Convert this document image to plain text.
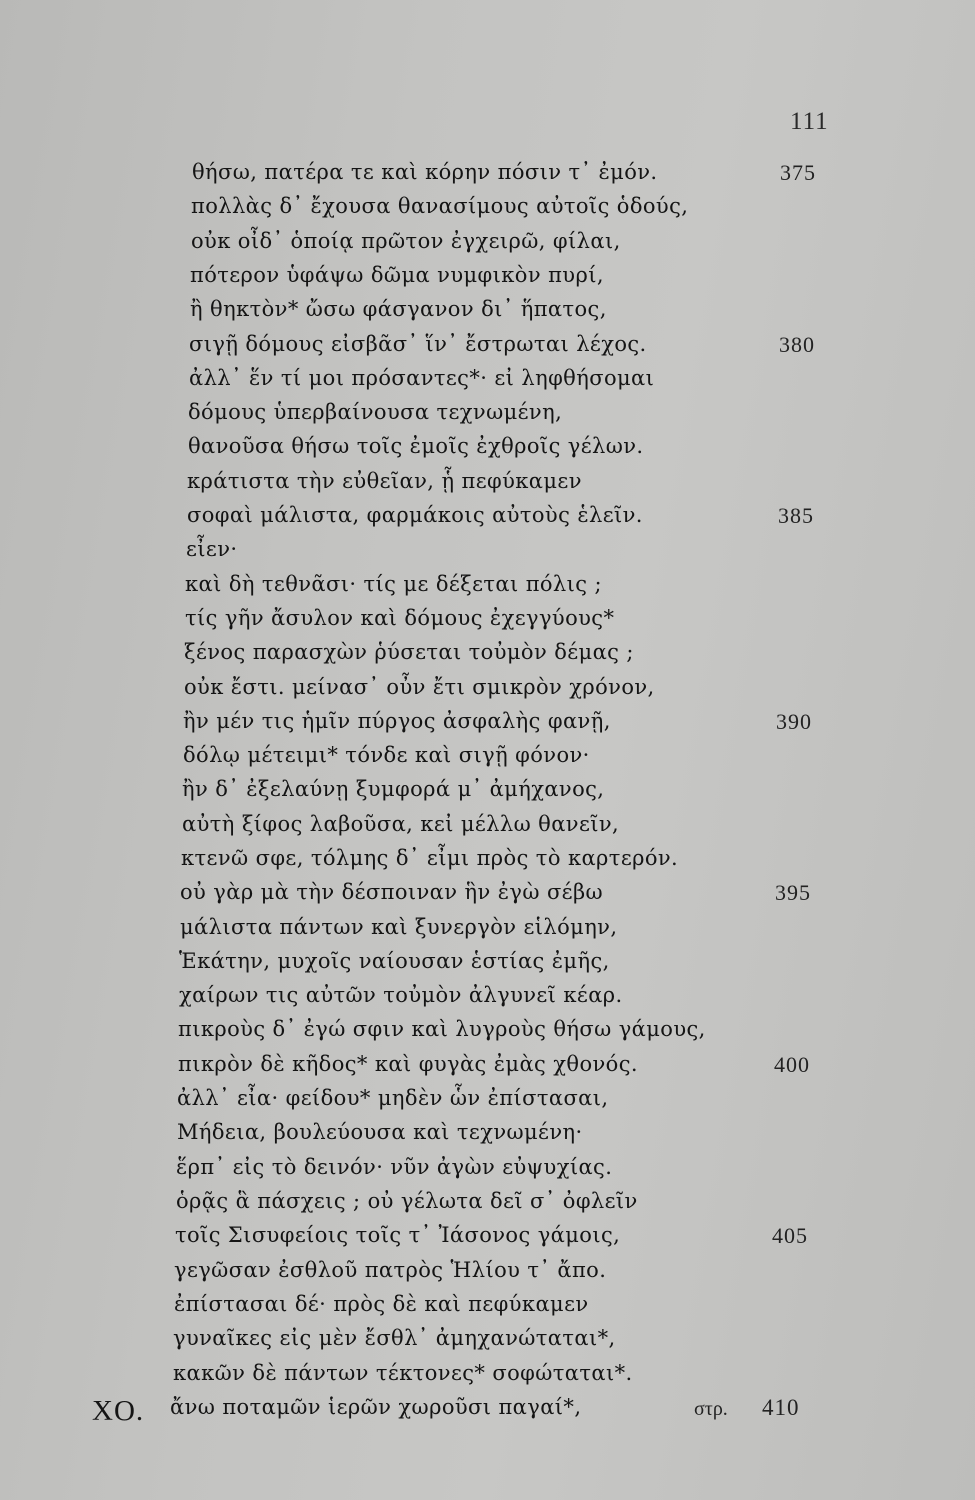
111
θήσω, πατέρα τε καὶ κόρην πόσιν τ᾽ ἐμόν.	375
πολλὰς δ᾽ ἔχουσα θανασίμους αὐτοῖς ὁδούς,
οὐκ οἶδ᾽ ὁποίᾳ πρῶτον ἐγχειρῶ, φίλαι,
πότερον ὑφάψω δῶμα νυμφικὸν πυρί,
ἢ θηκτὸν* ὤσω φάσγανον δι᾽ ἥπατος,
σιγῇ δόμους εἰσβᾶσ᾽ ἵν᾽ ἔστρωται λέχος.	380
ἀλλ᾽ ἕν τί μοι πρόσαντες*· εἰ ληφθήσομαι
δόμους ὑπερβαίνουσα τεχνωμένη,
θανοῦσα θήσω τοῖς ἐμοῖς ἐχθροῖς γέλων.
κράτιστα τὴν εὐθεῖαν, ᾗ πεφύκαμεν
σοφαὶ μάλιστα, φαρμάκοις αὐτοὺς ἑλεῖν.	385
εἶεν·
καὶ δὴ τεθνᾶσι· τίς με δέξεται πόλις ;
τίς γῆν ἄσυλον καὶ δόμους ἐχεγγύους*
ξένος παρασχὼν ῥύσεται τοὐμὸν δέμας ;
οὐκ ἔστι. μείνασ᾽ οὖν ἔτι σμικρὸν χρόνον,
ἢν μέν τις ἡμῖν πύργος ἀσφαλὴς φανῇ,	390
δόλῳ μέτειμι* τόνδε καὶ σιγῇ φόνον·
ἢν δ᾽ ἐξελαύνῃ ξυμφορά μ᾽ ἀμήχανος,
αὐτὴ ξίφος λαβοῦσα, κεἰ μέλλω θανεῖν,
κτενῶ σφε, τόλμης δ᾽ εἶμι πρὸς τὸ καρτερόν.
οὐ γὰρ μὰ τὴν δέσποιναν ἣν ἐγὼ σέβω	395
μάλιστα πάντων καὶ ξυνεργὸν εἱλόμην,
Ἑκάτην, μυχοῖς ναίουσαν ἑστίας ἐμῆς,
χαίρων τις αὐτῶν τοὐμὸν ἀλγυνεῖ κέαρ.
πικροὺς δ᾽ ἐγώ σφιν καὶ λυγροὺς θήσω γάμους,
πικρὸν δὲ κῆδος* καὶ φυγὰς ἐμὰς χθονός.	400
ἀλλ᾽ εἶα· φείδου* μηδὲν ὧν ἐπίστασαι,
Μήδεια, βουλεύουσα καὶ τεχνωμένη·
ἕρπ᾽ εἰς τὸ δεινόν· νῦν ἀγὼν εὐψυχίας.
ὁρᾷς ἃ πάσχεις ; οὐ γέλωτα δεῖ σ᾽ ὀφλεῖν
τοῖς Σισυφείοις τοῖς τ᾽ Ἰάσονος γάμοις,	405
γεγῶσαν ἐσθλοῦ πατρὸς Ἡλίου τ᾽ ἄπο.
ἐπίστασαι δέ· πρὸς δὲ καὶ πεφύκαμεν
γυναῖκες εἰς μὲν ἔσθλ᾽ ἀμηχανώταται*,
κακῶν δὲ πάντων τέκτονες* σοφώταται*.
ΧΟ. ἄνω ποταμῶν ἱερῶν χωροῦσι παγαί*,	στρ. 410
